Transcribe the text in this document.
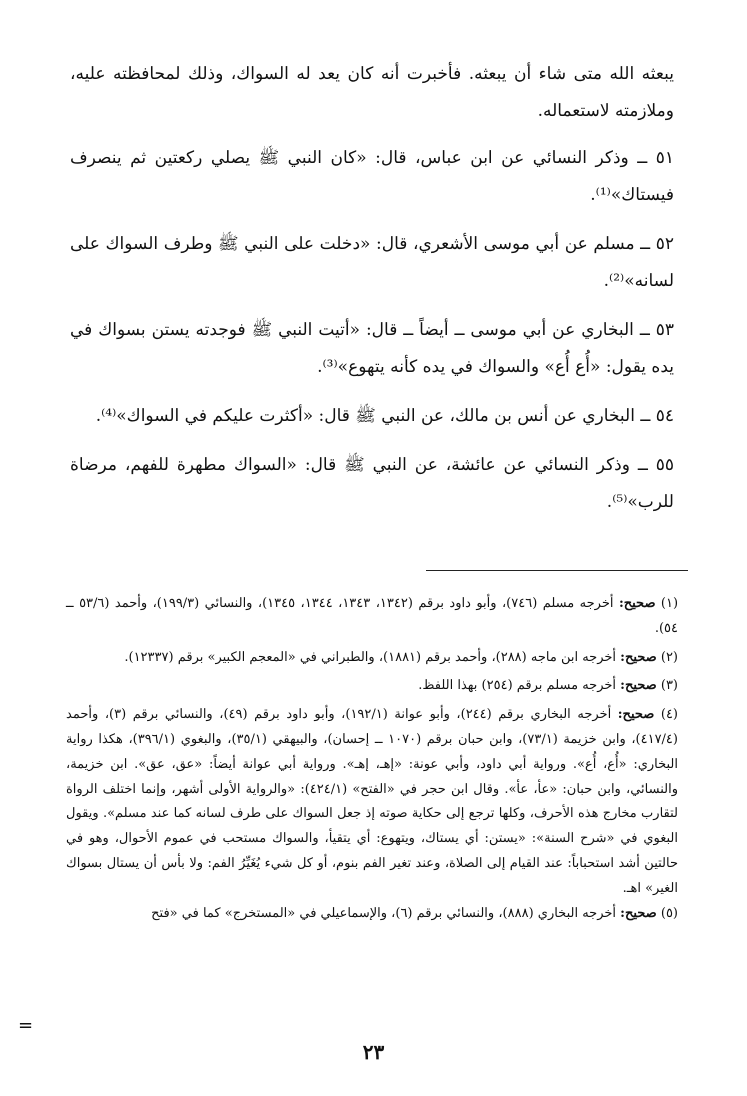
يبعثه الله متى شاء أن يبعثه. فأخبرت أنه كان يعد له السواك، وذلك لمحافظته عليه، وملازمته لاستعماله.

٥١ ــ وذكر النسائي عن ابن عباس، قال: «كان النبي ﷺ يصلي ركعتين ثم ينصرف فيستاك»⁽¹⁾.

٥٢ ــ مسلم عن أبي موسى الأشعري، قال: «دخلت على النبي ﷺ وطرف السواك على لسانه»⁽²⁾.

٥٣ ــ البخاري عن أبي موسى ــ أيضاً ــ قال: «أتيت النبي ﷺ فوجدته يستن بسواك في يده يقول: «أُع أُع» والسواك في يده كأنه يتهوع»⁽³⁾.

٥٤ ــ البخاري عن أنس بن مالك، عن النبي ﷺ قال: «أكثرت عليكم في السواك»⁽⁴⁾.

٥٥ ــ وذكر النسائي عن عائشة، عن النبي ﷺ قال: «السواك مطهرة للفهم، مرضاة للرب»⁽⁵⁾.

(١) صحيح: أخرجه مسلم (٧٤٦)، وأبو داود برقم (١٣٤٢، ١٣٤٣، ١٣٤٤، ١٣٤٥)، والنسائي (١٩٩/٣)، وأحمد (٥٣/٦ ــ ٥٤).

(٢) صحيح: أخرجه ابن ماجه (٢٨٨)، وأحمد برقم (١٨٨١)، والطبراني في «المعجم الكبير» برقم (١٢٣٣٧).

(٣) صحيح: أخرجه مسلم برقم (٢٥٤) بهذا اللفظ.

(٤) صحيح: أخرجه البخاري برقم (٢٤٤)، وأبو عوانة (١٩٢/١)، وأبو داود برقم (٤٩)، والنسائي برقم (٣)، وأحمد (٤١٧/٤)، وابن خزيمة (٧٣/١)، وابن حبان برقم (١٠٧٠ ــ إحسان)، والبيهقي (٣٥/١)، والبغوي (٣٩٦/١)، هكذا رواية البخاري: «أُع، أُع». ورواية أبي داود، وأبي عونة: «إهـ، إهـ». ورواية أبي عوانة أيضاً: «عق، عق». ابن خزيمة، والنسائي، وابن حبان: «عأ، عأ». وقال ابن حجر في «الفتح» (٤٢٤/١): «والرواية الأولى أشهر، وإنما اختلف الرواة لتقارب مخارج هذه الأحرف، وكلها ترجع إلى حكاية صوته إذ جعل السواك على طرف لسانه كما عند مسلم». ويقول البغوي في «شرح السنة»: «يستن: أي يستاك، ويتهوع: أي يتقيأ، والسواك مستحب في عموم الأحوال، وهو في حالتين أشد استحباباً: عند القيام إلى الصلاة، وعند تغير الفم بنوم، أو كل شيء يُغَيِّرُ الفم: ولا بأس أن يستال بسواك الغير» اهـ.

(٥) صحيح: أخرجه البخاري (٨٨٨)، والنسائي برقم (٦)، والإسماعيلي في «المستخرج» كما في «فتح

=
٢٣
